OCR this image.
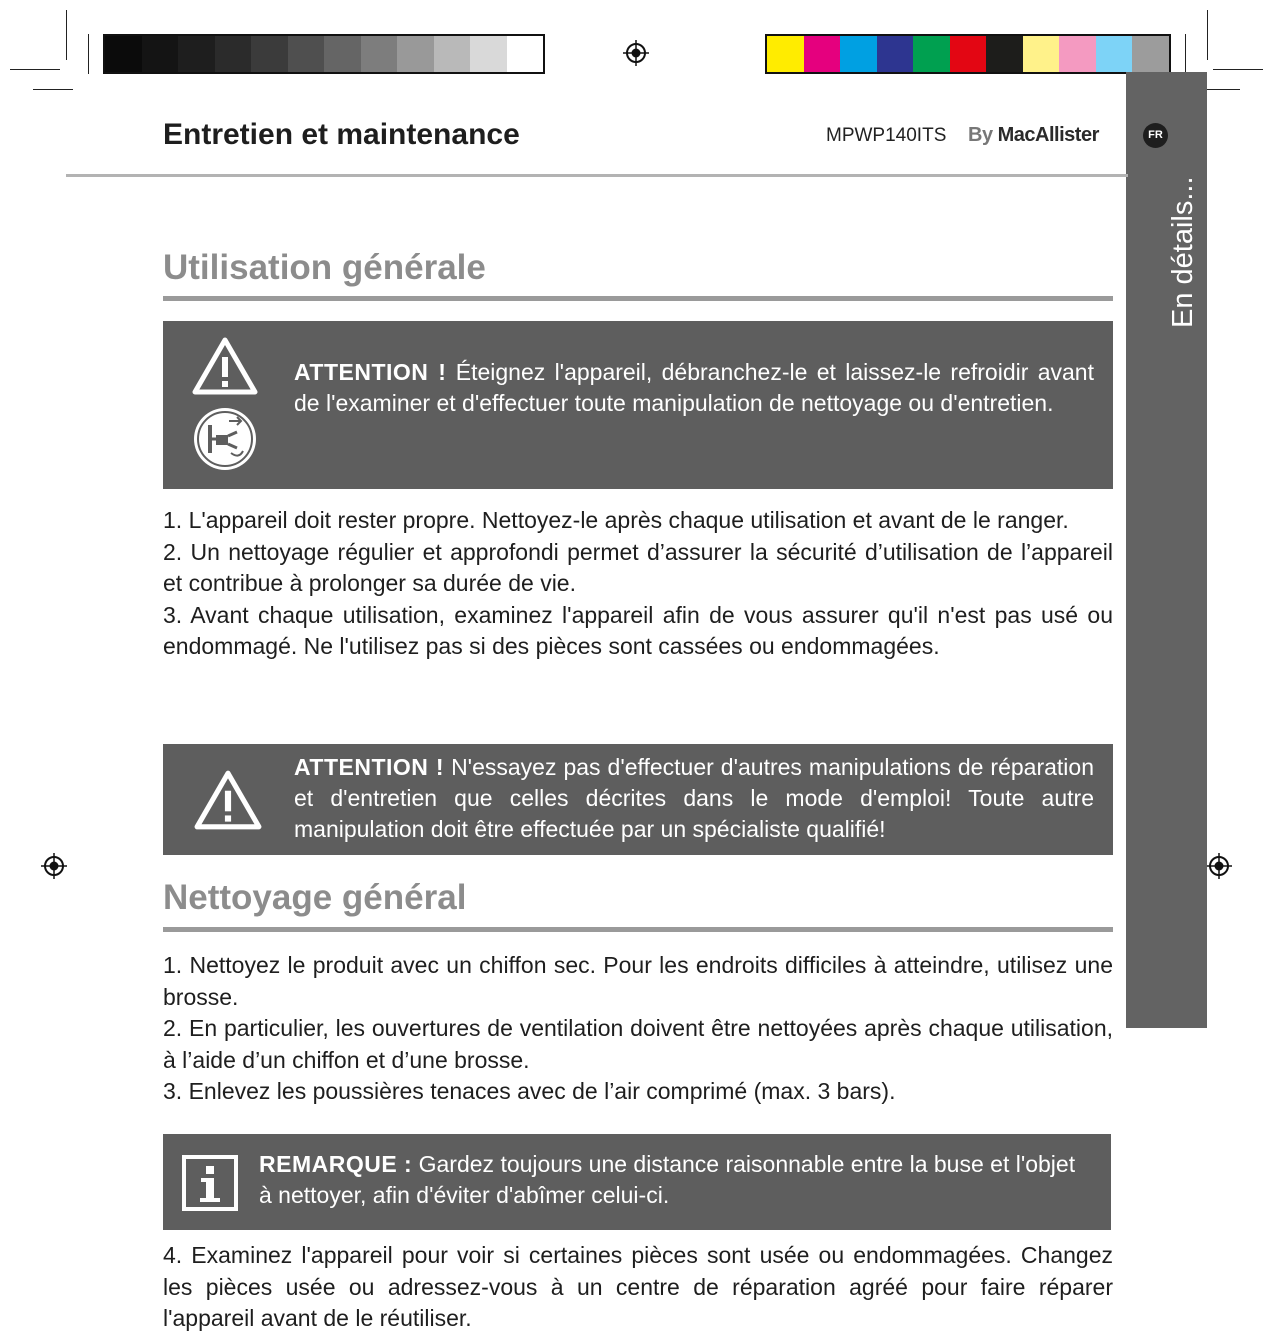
FR
En détails...
Entretien et maintenance	MPWP140ITS By MacAllister
Utilisation générale
ATTENTION ! Éteignez l'appareil, débranchez-le et laissez-le refroidir avant de l'examiner et d'effectuer toute manipulation de nettoyage ou d'entretien.

1. L'appareil doit rester propre. Nettoyez-le après chaque utilisation et avant de le ranger.

2. Un nettoyage régulier et approfondi permet d’assurer la sécurité d’utilisation de l’appareil et contribue à prolonger sa durée de vie.

3. Avant chaque utilisation, examinez l'appareil afin de vous assurer qu'il n'est pas usé ou endommagé. Ne l'utilisez pas si des pièces sont cassées ou endommagées.

ATTENTION ! N'essayez pas d'effectuer d'autres manipulations de réparation et d'entretien que celles décrites dans le mode d'emploi! Toute autre manipulation doit être effectuée par un spécialiste qualifié!
Nettoyage général

1. Nettoyez le produit avec un chiffon sec. Pour les endroits difficiles à atteindre, utilisez une brosse.

2. En particulier, les ouvertures de ventilation doivent être nettoyées après chaque utilisation, à l’aide d’un chiffon et d’une brosse.

3. Enlevez les poussières tenaces avec de l’air comprimé (max. 3 bars).

REMARQUE : Gardez toujours une distance raisonnable entre la buse et l'objet à nettoyer, afin d'éviter d'abîmer celui-ci.

4. Examinez l'appareil pour voir si certaines pièces sont usée ou endommagées. Changez les pièces usée ou adressez-vous à un centre de réparation agréé pour faire réparer l'appareil avant de le réutiliser.
